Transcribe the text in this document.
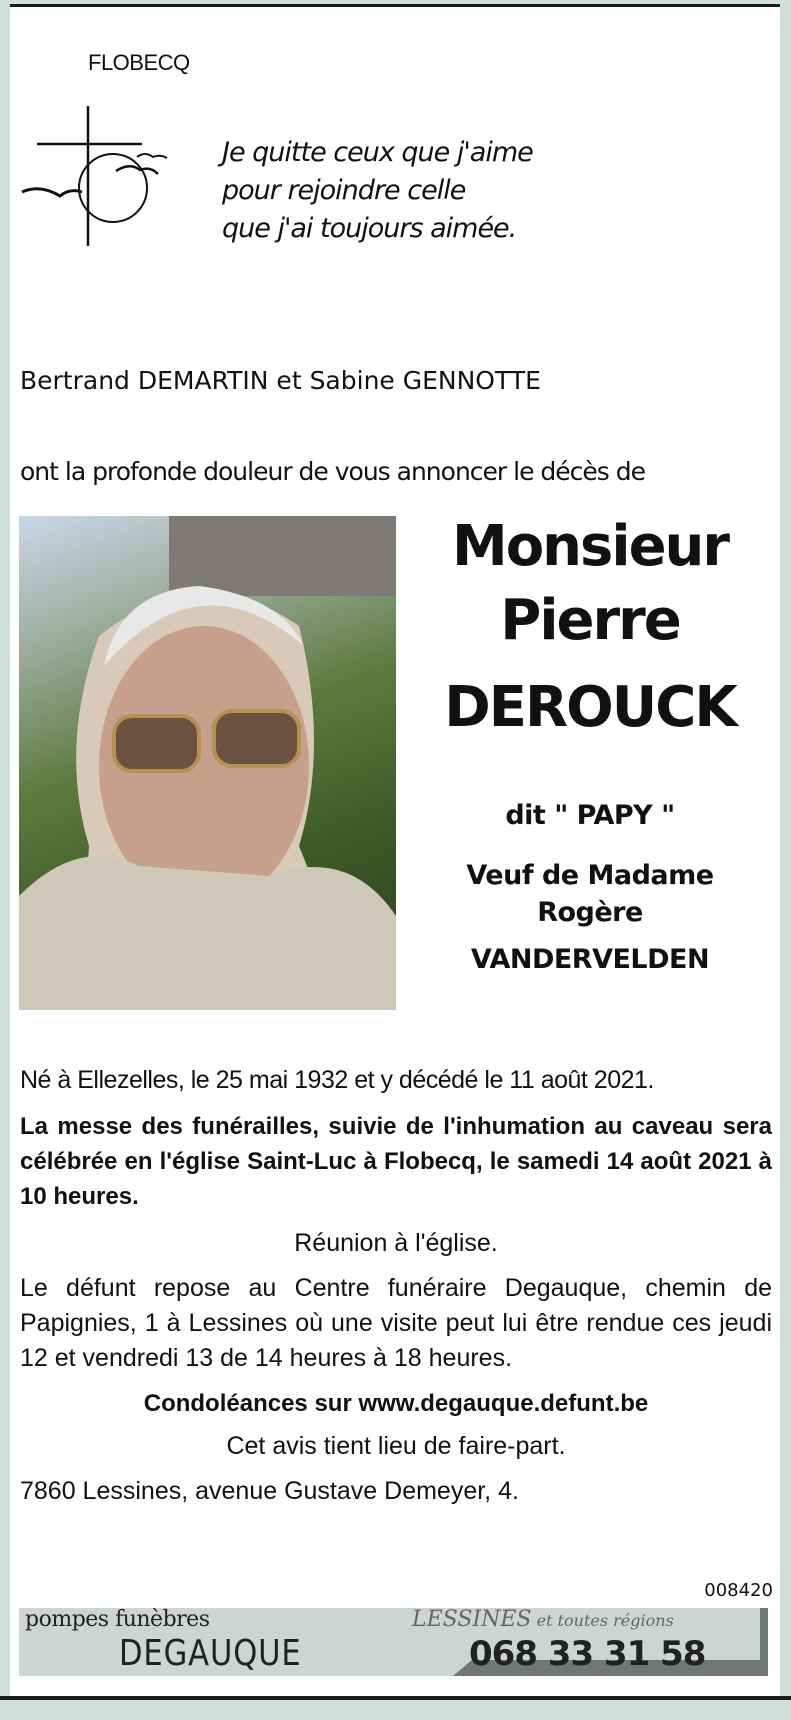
FLOBECQ
Je quitte ceux que j'aime
pour rejoindre celle
que j'ai toujours aimée.
Bertrand DEMARTIN et Sabine GENNOTTE
ont la profonde douleur de vous annoncer le décès de
Monsieur
Pierre
DEROUCK
dit " PAPY "
Veuf de Madame
Rogère
VANDERVELDEN
Né à Ellezelles, le 25 mai 1932 et y décédé le 11 août 2021.
La messe des funérailles, suivie de l'inhumation au caveau sera célébrée en l'église Saint-Luc à Flobecq, le samedi 14 août 2021 à 10 heures.
Réunion à l'église.
Le défunt repose au Centre funéraire Degauque, chemin de Papignies, 1 à Lessines où une visite peut lui être rendue ces jeudi 12 et vendredi 13 de 14 heures à 18 heures.
Condoléances sur www.degauque.defunt.be
Cet avis tient lieu de faire-part.
7860 Lessines, avenue Gustave Demeyer, 4.
008420
pompes funèbres
DEGAUQUE
LESSINES et toutes régions
068 33 31 58
